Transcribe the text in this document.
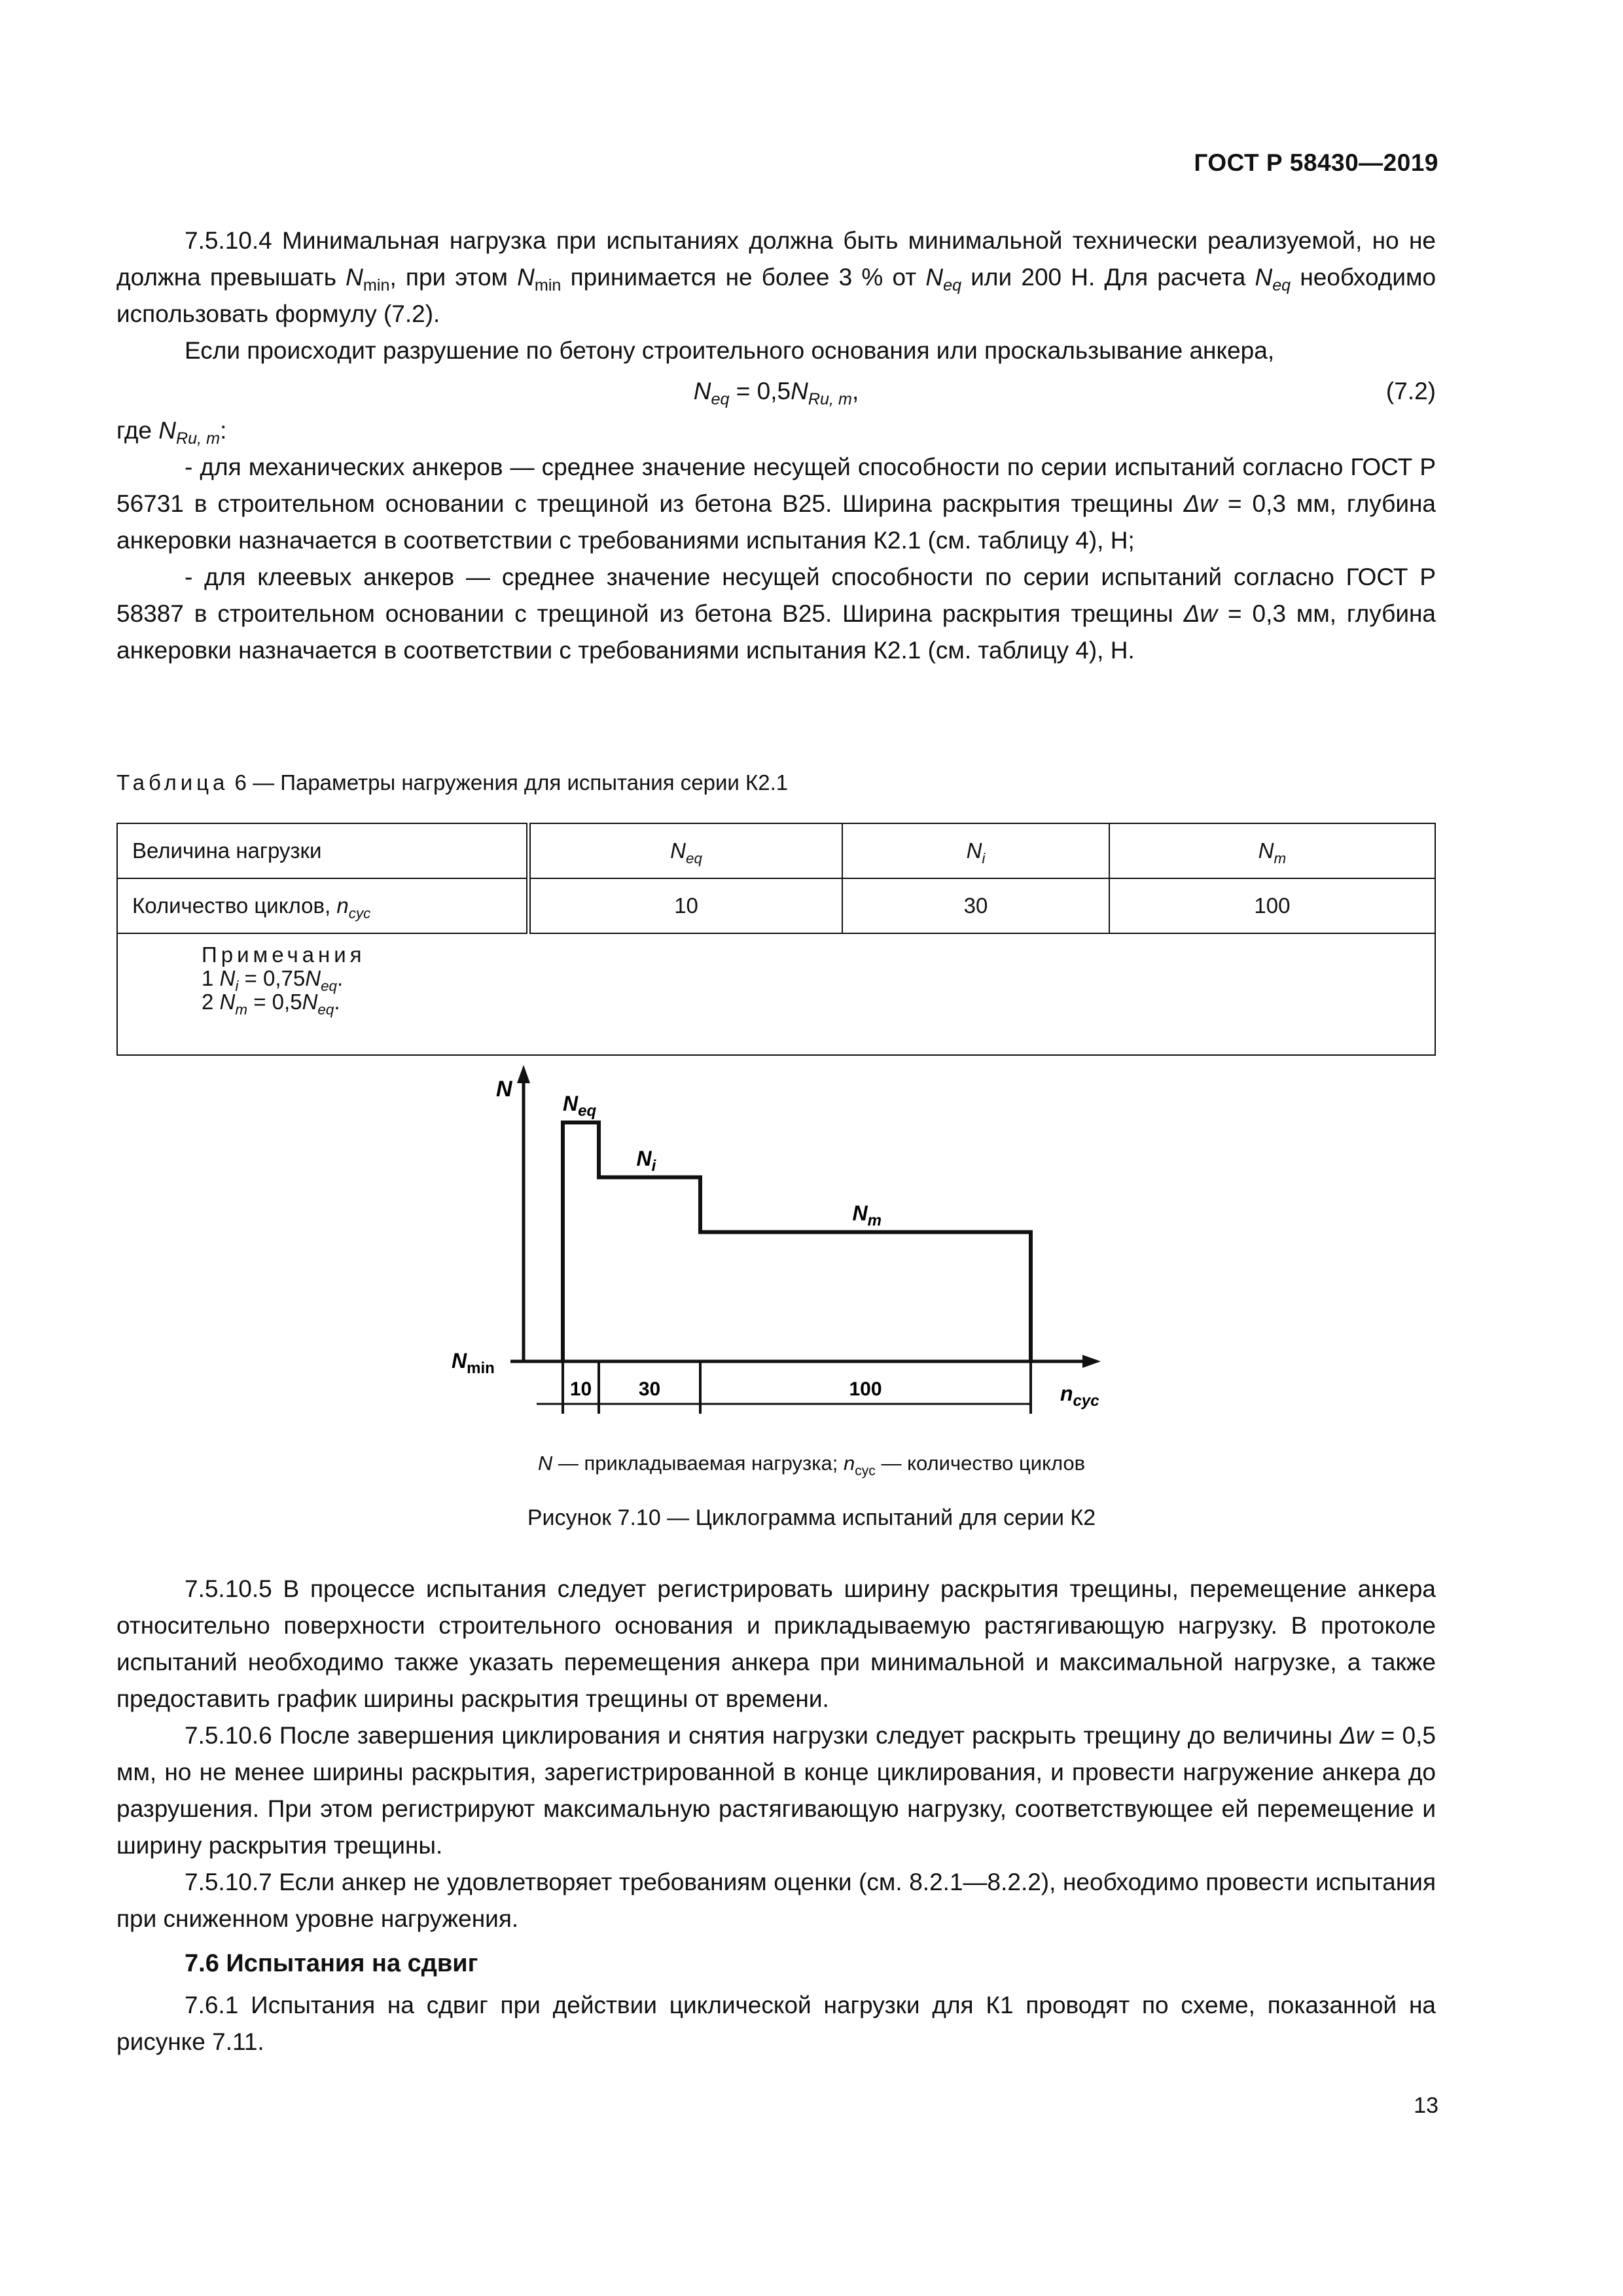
ГОСТ Р 58430—2019

7.5.10.4 Минимальная нагрузка при испытаниях должна быть минимальной технически реализуемой, но не должна превышать $N_{min}$, при этом $N_{min}$ принимается не более 3 % от $N_{eq}$ или 200 Н. Для расчета $N_{eq}$ необходимо использовать формулу (7.2).

Если происходит разрушение по бетону строительного основания или проскальзывание анкера,

$N_{eq} = 0,5N_{Ru, m}$,	(7.2)

где $N_{Ru, m}$:

- для механических анкеров — среднее значение несущей способности по серии испытаний согласно ГОСТ Р 56731 в строительном основании с трещиной из бетона В25. Ширина раскрытия трещины Δw = 0,3 мм, глубина анкеровки назначается в соответствии с требованиями испытания К2.1 (см. таблицу 4), Н;

- для клеевых анкеров — среднее значение несущей способности по серии испытаний согласно ГОСТ Р 58387 в строительном основании с трещиной из бетона В25. Ширина раскрытия трещины Δw = 0,3 мм, глубина анкеровки назначается в соответствии с требованиями испытания К2.1 (см. таблицу 4), Н.

Таблица 6 — Параметры нагружения для испытания серии К2.1
Величина нагрузки	$N_{eq}$	$N_i$	$N_m$
Количество циклов, $n_{cyc}$	10	30	100

Примечания
1 $N_i = 0,75N_{eq}$.
2 $N_m = 0,5N_{eq}$.			
N
$N_{min}$
$n_{cyc}$
$N_{eq}$
$N_i$
$N_m$
10 30	100
N — прикладываемая нагрузка; $n_{cyc}$ — количество циклов
Рисунок 7.10 — Циклограмма испытаний для серии К2

7.5.10.5 В процессе испытания следует регистрировать ширину раскрытия трещины, перемещение анкера относительно поверхности строительного основания и прикладываемую растягивающую нагрузку. В протоколе испытаний необходимо также указать перемещения анкера при минимальной и максимальной нагрузке, а также предоставить график ширины раскрытия трещины от времени.

7.5.10.6 После завершения циклирования и снятия нагрузки следует раскрыть трещину до величины Δw = 0,5 мм, но не менее ширины раскрытия, зарегистрированной в конце циклирования, и провести нагружение анкера до разрушения. При этом регистрируют максимальную растягивающую нагрузку, соответствующее ей перемещение и ширину раскрытия трещины.

7.5.10.7 Если анкер не удовлетворяет требованиям оценки (см. 8.2.1—8.2.2), необходимо провести испытания при сниженном уровне нагружения.

7.6 Испытания на сдвиг

7.6.1 Испытания на сдвиг при действии циклической нагрузки для К1 проводят по схеме, показанной на рисунке 7.11.

13
